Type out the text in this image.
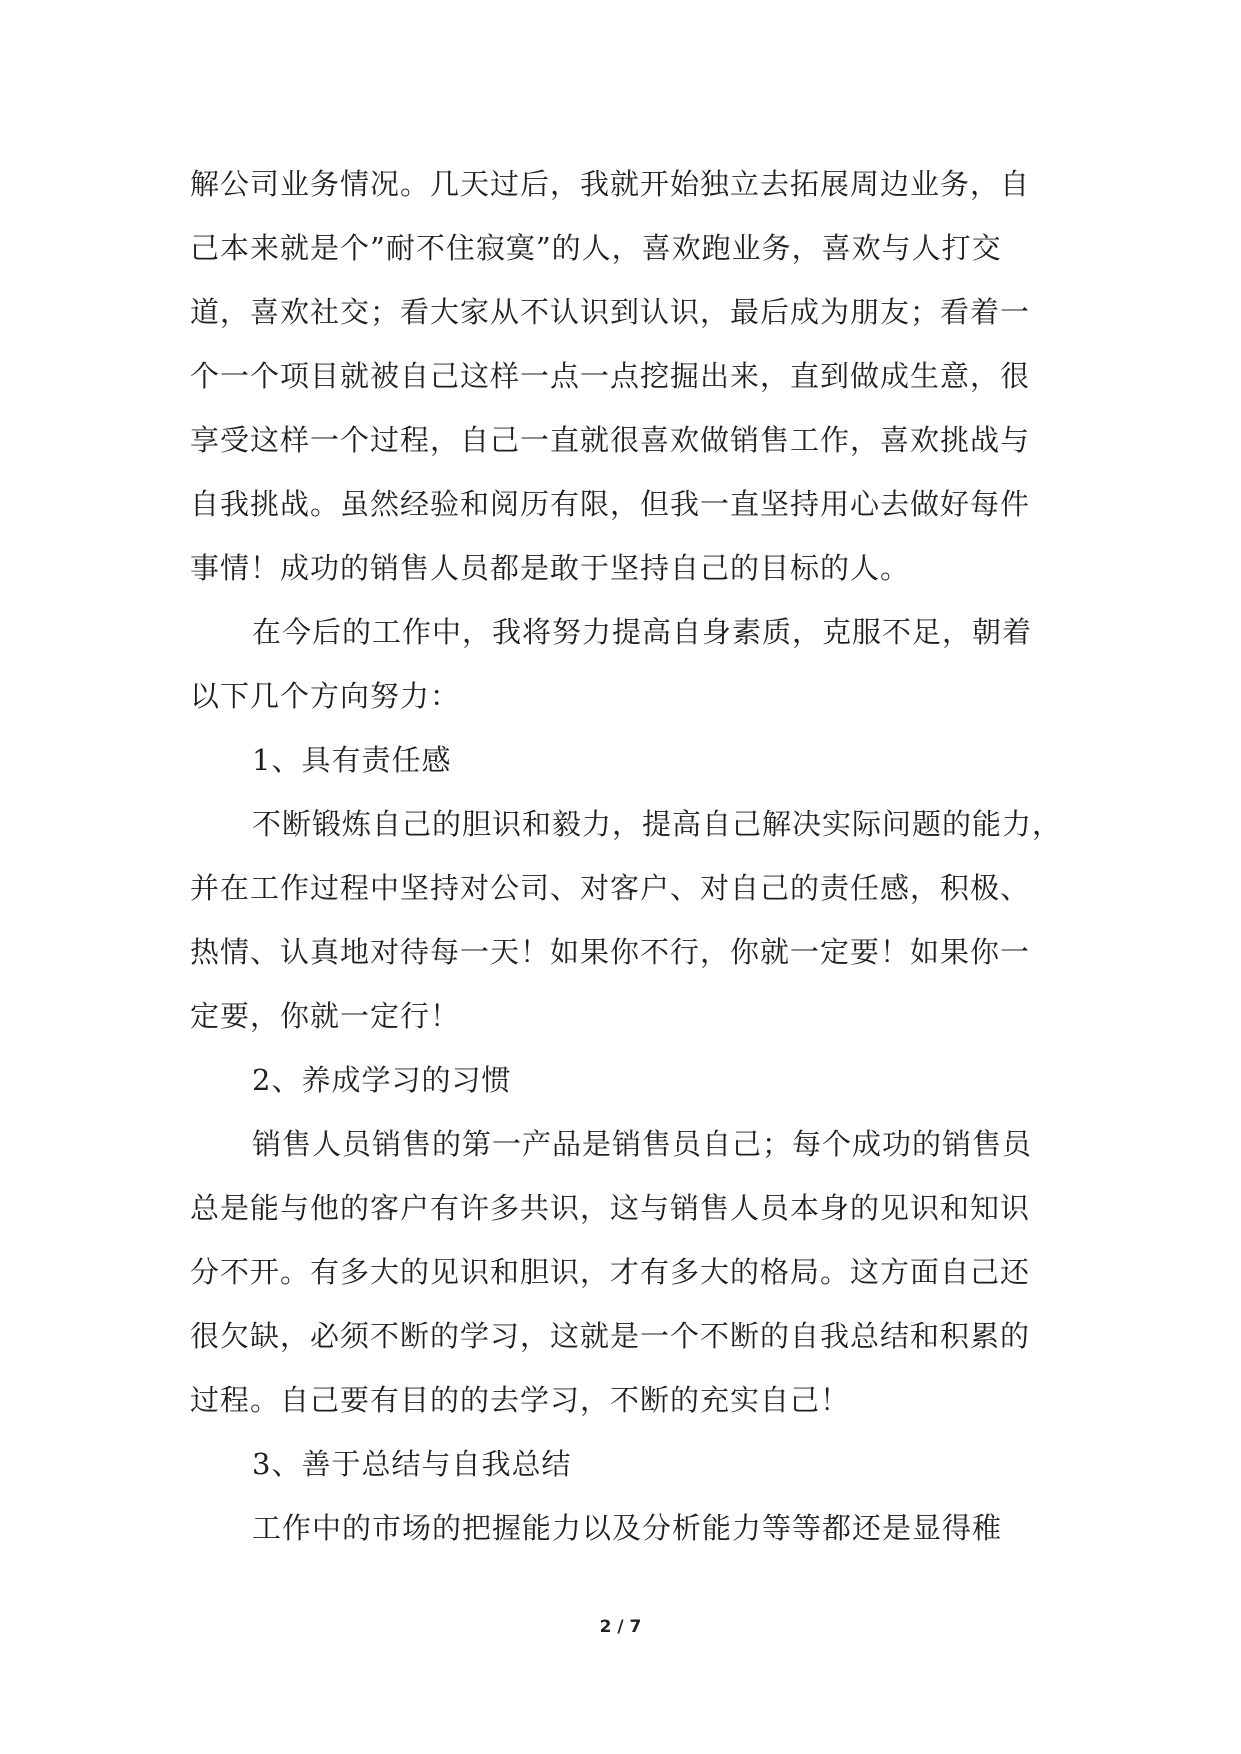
解公司业务情况。几天过后，我就开始独立去拓展周边业务，自
己本来就是个”耐不住寂寞”的人，喜欢跑业务，喜欢与人打交
道，喜欢社交；看大家从不认识到认识，最后成为朋友；看着一
个一个项目就被自己这样一点一点挖掘出来，直到做成生意，很
享受这样一个过程，自己一直就很喜欢做销售工作，喜欢挑战与
自我挑战。虽然经验和阅历有限，但我一直坚持用心去做好每件
事情！成功的销售人员都是敢于坚持自己的目标的人。
在今后的工作中，我将努力提高自身素质，克服不足，朝着
以下几个方向努力：
1、具有责任感
不断锻炼自己的胆识和毅力，提高自己解决实际问题的能力，
并在工作过程中坚持对公司、对客户、对自己的责任感，积极、
热情、认真地对待每一天！如果你不行，你就一定要！如果你一
定要，你就一定行！
2、养成学习的习惯
销售人员销售的第一产品是销售员自己；每个成功的销售员
总是能与他的客户有许多共识，这与销售人员本身的见识和知识
分不开。有多大的见识和胆识，才有多大的格局。这方面自己还
很欠缺，必须不断的学习，这就是一个不断的自我总结和积累的
过程。自己要有目的的去学习，不断的充实自己！
3、善于总结与自我总结
工作中的市场的把握能力以及分析能力等等都还是显得稚
2 / 7
